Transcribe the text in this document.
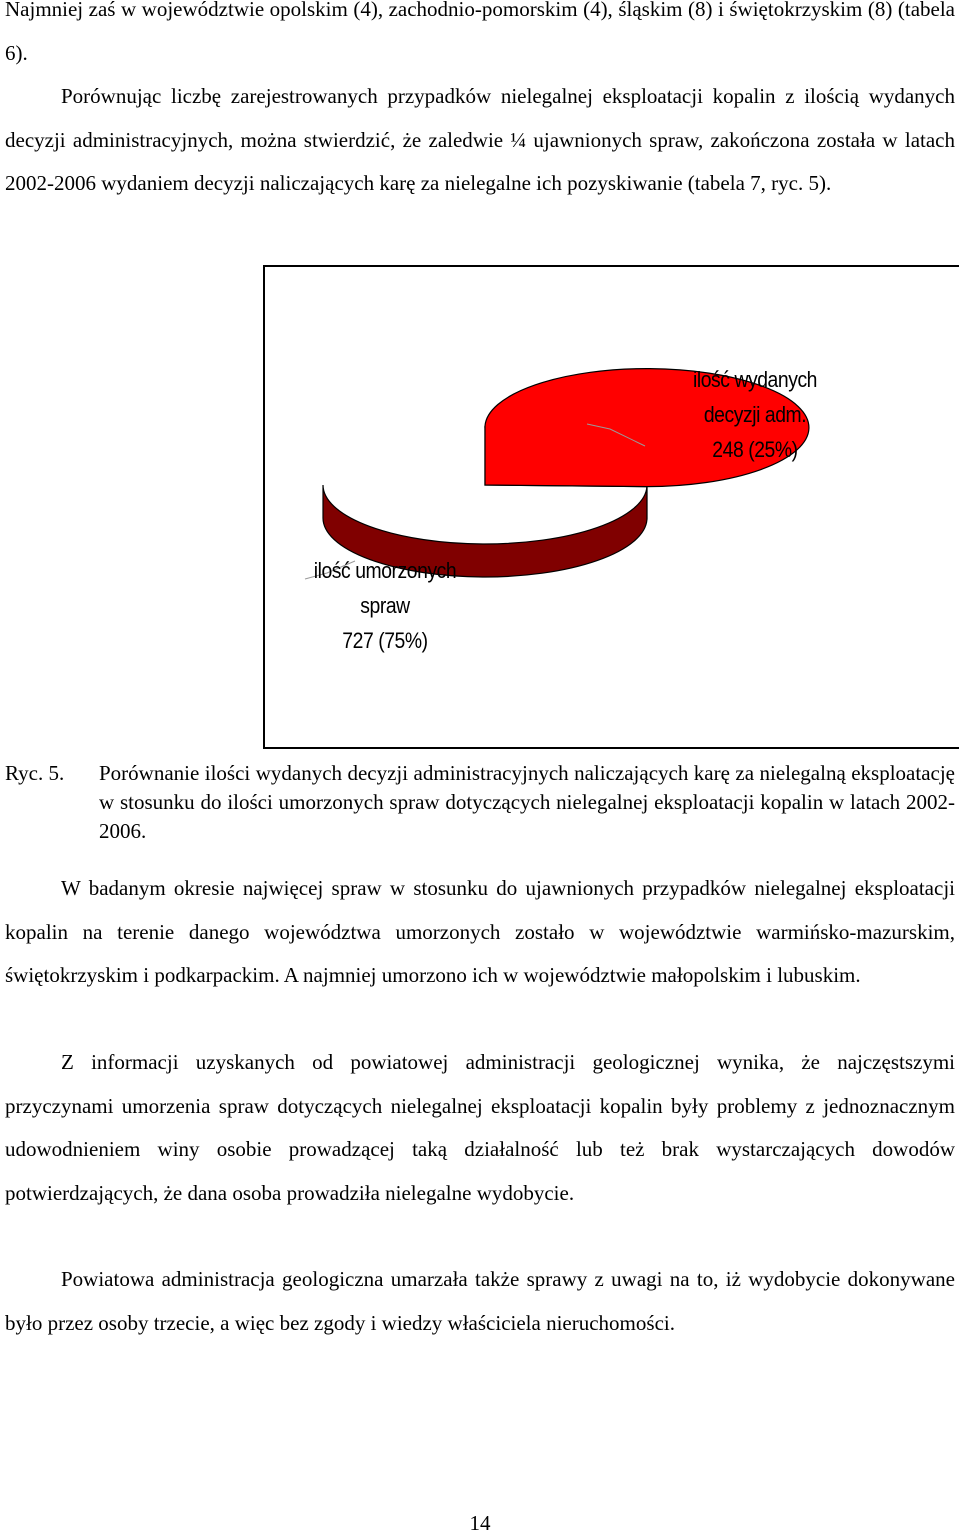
Najmniej zaś w województwie opolskim (4), zachodnio-pomorskim (4), śląskim (8) i świętokrzyskim (8) (tabela 6).

Porównując liczbę zarejestrowanych przypadków nielegalnej eksploatacji kopalin z ilością wydanych decyzji administracyjnych, można stwierdzić, że zaledwie ¼ ujawnionych spraw, zakończona została w latach 2002-2006 wydaniem decyzji naliczających karę za nielegalne ich pozyskiwanie (tabela 7, ryc. 5).

ilość wydanych
decyzji adm.
248 (25%)
ilość umorzonych
spraw
727 (75%)
Ryc. 5. Porównanie ilości wydanych decyzji administracyjnych naliczających karę za nielegalną eksploatację w stosunku do ilości umorzonych spraw dotyczących nielegalnej eksploatacji kopalin w latach 2002-2006.

W badanym okresie najwięcej spraw w stosunku do ujawnionych przypadków nielegalnej eksploatacji kopalin na terenie danego województwa umorzonych zostało w województwie warmińsko-mazurskim, świętokrzyskim i podkarpackim. A najmniej umorzono ich w województwie małopolskim i lubuskim.

Z informacji uzyskanych od powiatowej administracji geologicznej wynika, że najczęstszymi przyczynami umorzenia spraw dotyczących nielegalnej eksploatacji kopalin były problemy z jednoznacznym udowodnieniem winy osobie prowadzącej taką działalność lub też brak wystarczających dowodów potwierdzających, że dana osoba prowadziła nielegalne wydobycie.

Powiatowa administracja geologiczna umarzała także sprawy z uwagi na to, iż wydobycie dokonywane było przez osoby trzecie, a więc bez zgody i wiedzy właściciela nieruchomości.

14
